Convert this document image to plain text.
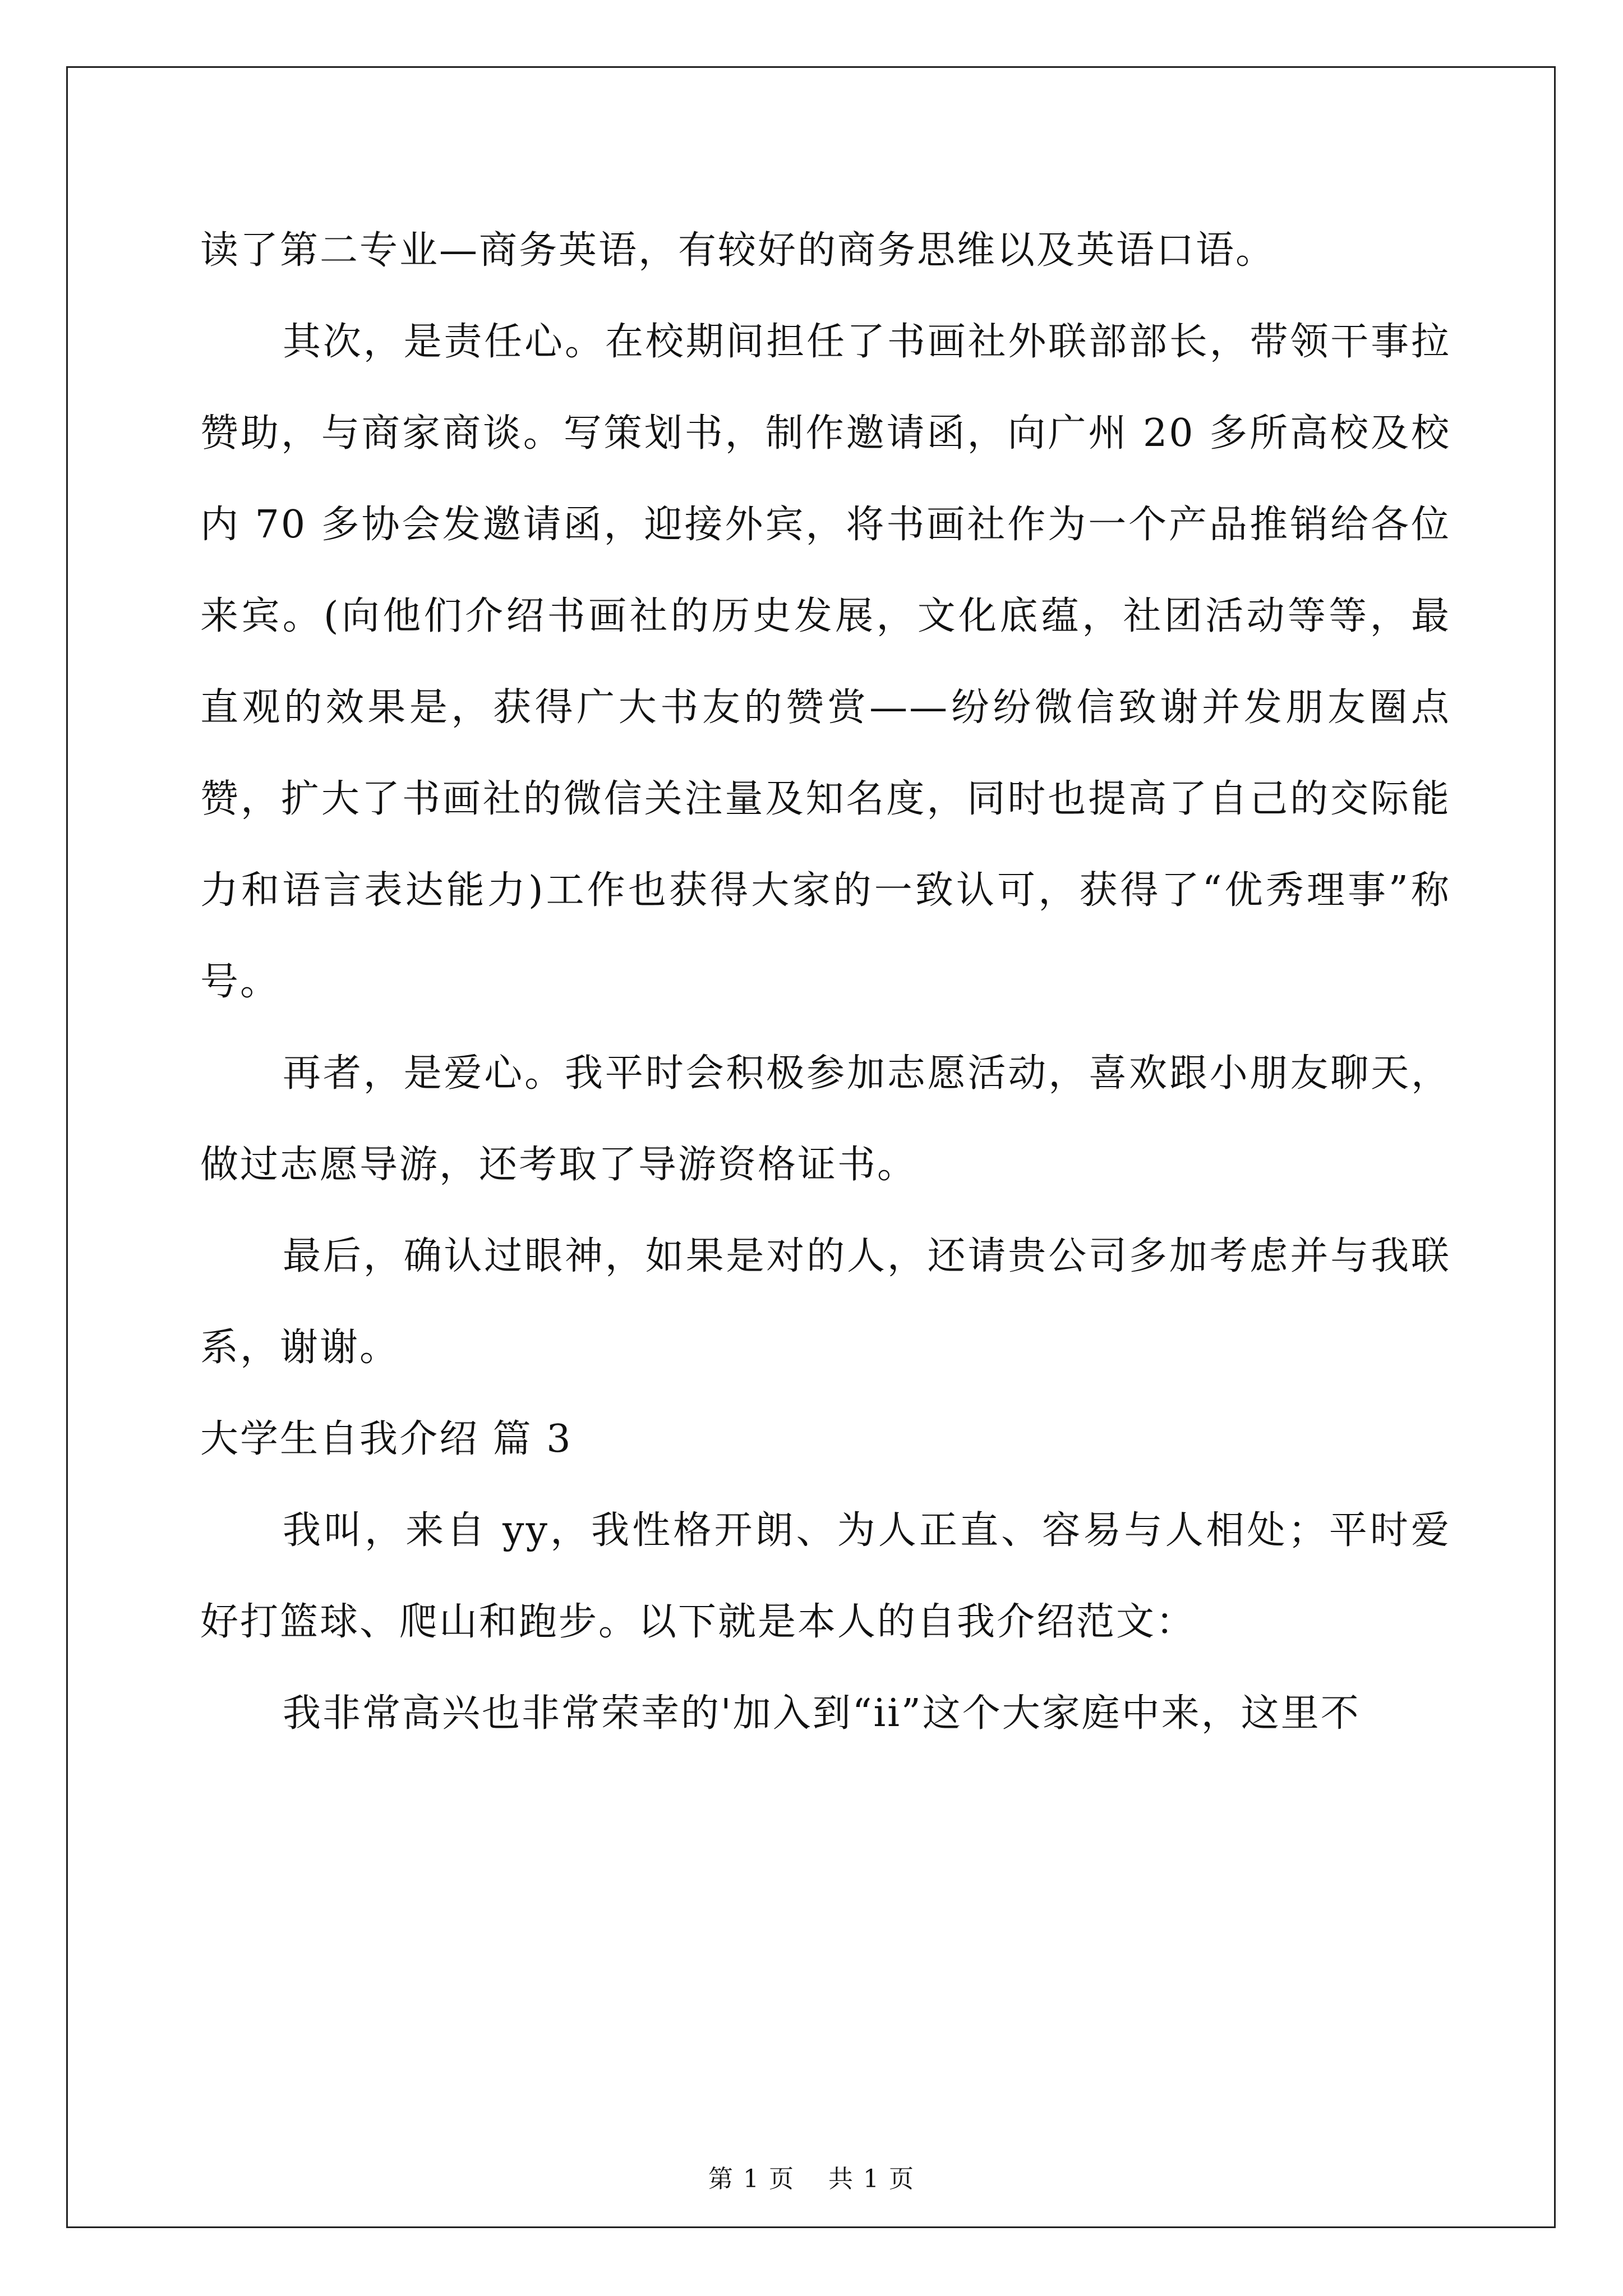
读了第二专业—商务英语，有较好的商务思维以及英语口语。

其次，是责任心。在校期间担任了书画社外联部部长，带领干事拉赞助，与商家商谈。写策划书，制作邀请函，向广州 20 多所高校及校内 70 多协会发邀请函，迎接外宾，将书画社作为一个产品推销给各位来宾。(向他们介绍书画社的历史发展，文化底蕴，社团活动等等，最直观的效果是，获得广大书友的赞赏——纷纷微信致谢并发朋友圈点赞，扩大了书画社的微信关注量及知名度，同时也提高了自己的交际能力和语言表达能力)工作也获得大家的一致认可，获得了“优秀理事”称号。

再者，是爱心。我平时会积极参加志愿活动，喜欢跟小朋友聊天，做过志愿导游，还考取了导游资格证书。

最后，确认过眼神，如果是对的人，还请贵公司多加考虑并与我联系，谢谢。

大学生自我介绍 篇 3

我叫，来自 yy，我性格开朗、为人正直、容易与人相处；平时爱好打篮球、爬山和跑步。以下就是本人的自我介绍范文：

我非常高兴也非常荣幸的'加入到“ii”这个大家庭中来，这里不

第 1 页 共 1 页
